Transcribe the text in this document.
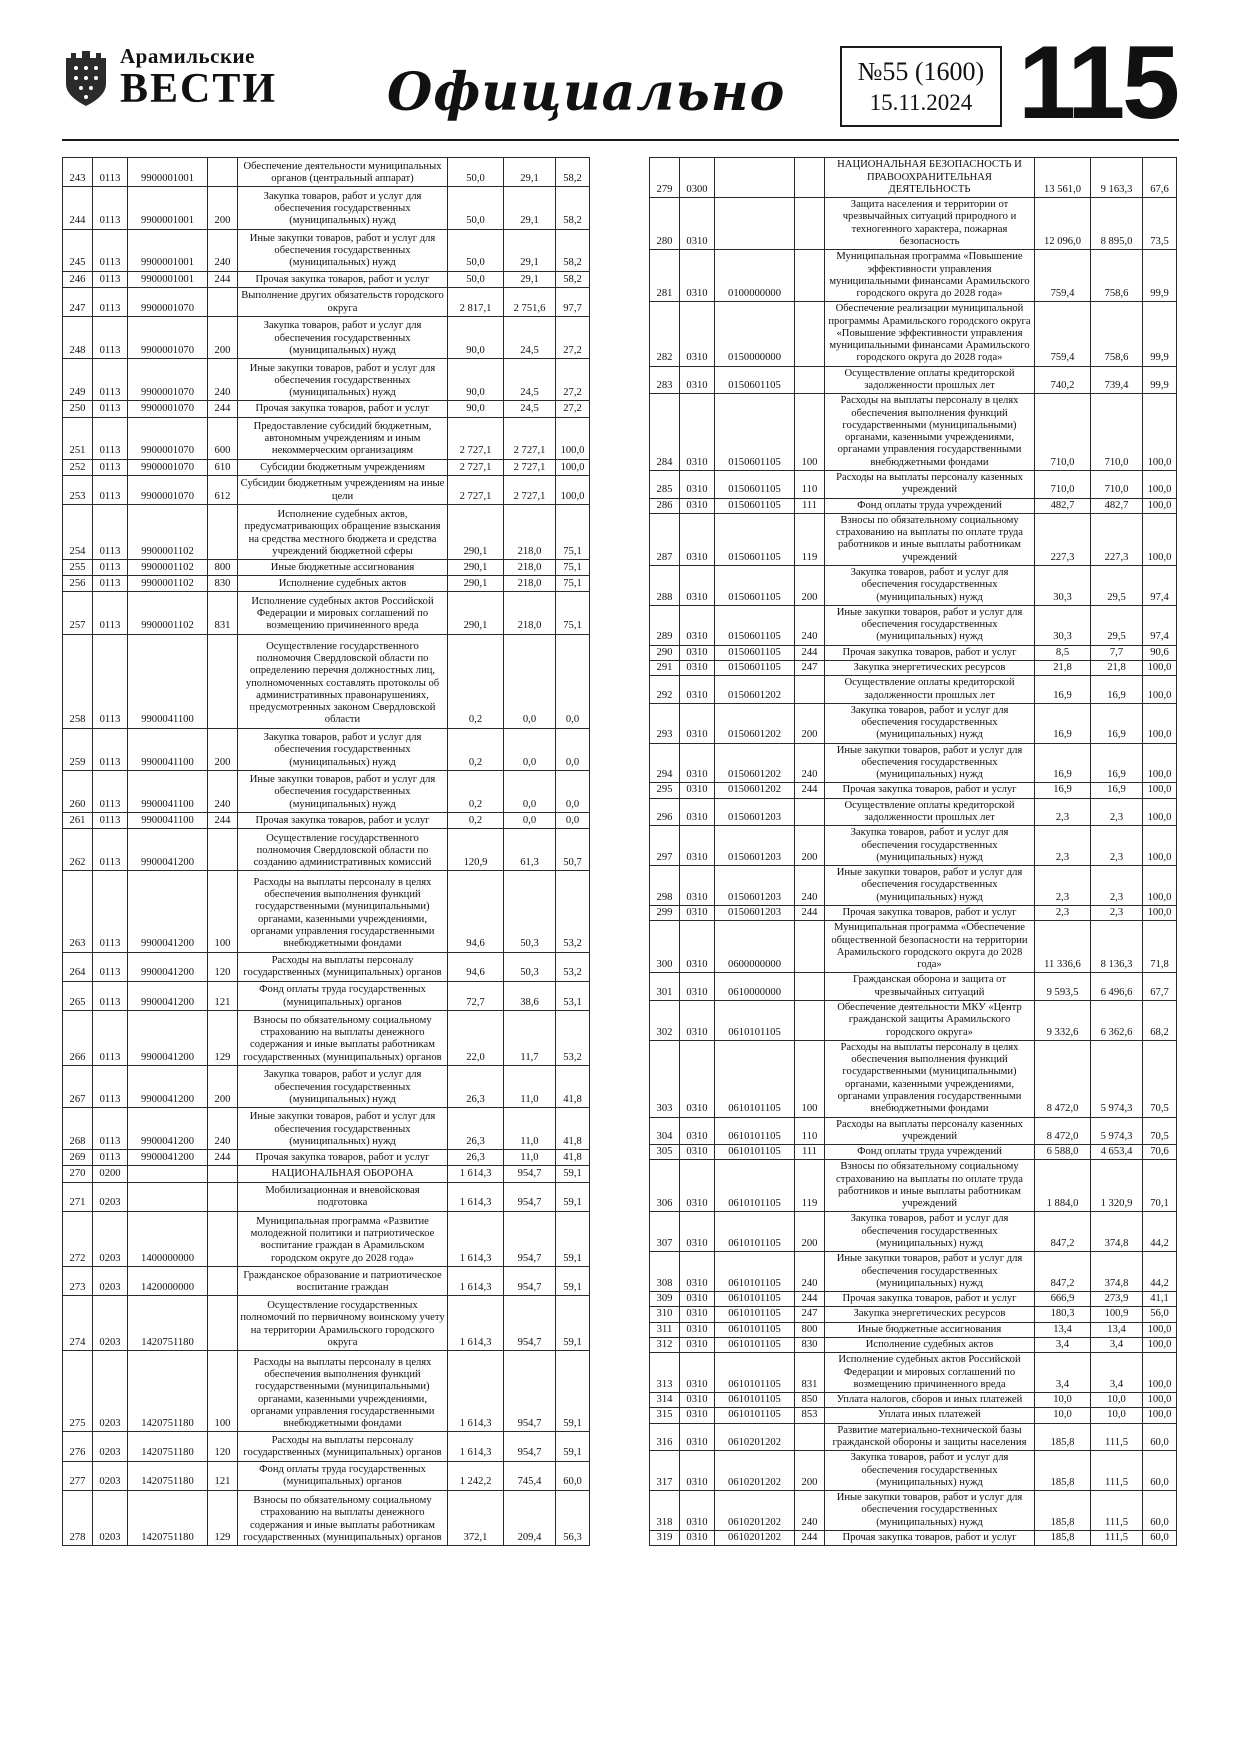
Арамильские
ВЕСТИ Официально	№55 (1600)
15.11.2024 115
243	0113	9900001001		Обеспечение деятельности муниципальных органов (центральный аппарат)	50,0	29,1	58,2
244	0113	9900001001	200	Закупка товаров, работ и услуг для обеспечения государственных (муниципальных) нужд	50,0	29,1	58,2
245	0113	9900001001	240	Иные закупки товаров, работ и услуг для обеспечения государственных (муниципальных) нужд	50,0	29,1	58,2
246	0113	9900001001	244	Прочая закупка товаров, работ и услуг	50,0	29,1	58,2
247	0113	9900001070		Выполнение других обязательств городского округа	2 817,1	2 751,6	97,7
248	0113	9900001070	200	Закупка товаров, работ и услуг для обеспечения государственных (муниципальных) нужд	90,0	24,5	27,2
249	0113	9900001070	240	Иные закупки товаров, работ и услуг для обеспечения государственных (муниципальных) нужд	90,0	24,5	27,2
250	0113	9900001070	244	Прочая закупка товаров, работ и услуг	90,0	24,5	27,2
251	0113	9900001070	600	Предоставление субсидий бюджетным, автономным учреждениям и иным некоммерческим организациям	2 727,1	2 727,1	100,0
252	0113	9900001070	610	Субсидии бюджетным учреждениям	2 727,1	2 727,1	100,0
253	0113	9900001070	612	Субсидии бюджетным учреждениям на иные цели	2 727,1	2 727,1	100,0
254	0113	9900001102		Исполнение судебных актов, предусматривающих обращение взыскания на средства местного бюджета и средства учреждений бюджетной сферы	290,1	218,0	75,1
255	0113	9900001102	800	Иные бюджетные ассигнования	290,1	218,0	75,1
256	0113	9900001102	830	Исполнение судебных актов	290,1	218,0	75,1
257	0113	9900001102	831	Исполнение судебных актов Российской Федерации и мировых соглашений по возмещению причиненного вреда	290,1	218,0	75,1
258	0113	9900041100		Осуществление государственного полномочия Свердловской области по определению перечня должностных лиц, уполномоченных составлять протоколы об административных правонарушениях, предусмотренных законом Свердловской области	0,2	0,0	0,0
259	0113	9900041100	200	Закупка товаров, работ и услуг для обеспечения государственных (муниципальных) нужд	0,2	0,0	0,0
260	0113	9900041100	240	Иные закупки товаров, работ и услуг для обеспечения государственных (муниципальных) нужд	0,2	0,0	0,0
261	0113	9900041100	244	Прочая закупка товаров, работ и услуг	0,2	0,0	0,0
262	0113	9900041200		Осуществление государственного полномочия Свердловской области по созданию административных комиссий	120,9	61,3	50,7
263	0113	9900041200	100	Расходы на выплаты персоналу в целях обеспечения выполнения функций государственными (муниципальными) органами, казенными учреждениями, органами управления государственными внебюджетными фондами	94,6	50,3	53,2
264	0113	9900041200	120	Расходы на выплаты персоналу государственных (муниципальных) органов	94,6	50,3	53,2
265	0113	9900041200	121	Фонд оплаты труда государственных (муниципальных) органов	72,7	38,6	53,1
266	0113	9900041200	129	Взносы по обязательному социальному страхованию на выплаты денежного содержания и иные выплаты работникам государственных (муниципальных) органов	22,0	11,7	53,2
267	0113	9900041200	200	Закупка товаров, работ и услуг для обеспечения государственных (муниципальных) нужд	26,3	11,0	41,8
268	0113	9900041200	240	Иные закупки товаров, работ и услуг для обеспечения государственных (муниципальных) нужд	26,3	11,0	41,8
269	0113	9900041200	244	Прочая закупка товаров, работ и услуг	26,3	11,0	41,8
270	0200			НАЦИОНАЛЬНАЯ ОБОРОНА	1 614,3	954,7	59,1
271	0203			Мобилизационная и вневойсковая подготовка	1 614,3	954,7	59,1
272	0203	1400000000		Муниципальная программа «Развитие молодежной политики и патриотическое воспитание граждан в Арамильском городском округе до 2028 года»	1 614,3	954,7	59,1
273	0203	1420000000		Гражданское образование и патриотическое воспитание граждан	1 614,3	954,7	59,1
274	0203	1420751180		Осуществление государственных полномочий по первичному воинскому учету на территории Арамильского городского округа	1 614,3	954,7	59,1
275	0203	1420751180	100	Расходы на выплаты персоналу в целях обеспечения выполнения функций государственными (муниципальными) органами, казенными учреждениями, органами управления государственными внебюджетными фондами	1 614,3	954,7	59,1
276	0203	1420751180	120	Расходы на выплаты персоналу государственных (муниципальных) органов	1 614,3	954,7	59,1
277	0203	1420751180	121	Фонд оплаты труда государственных (муниципальных) органов	1 242,2	745,4	60,0
278	0203	1420751180	129	Взносы по обязательному социальному страхованию на выплаты денежного содержания и иные выплаты работникам государственных (муниципальных) органов	372,1	209,4	56,3
279	0300			НАЦИОНАЛЬНАЯ БЕЗОПАСНОСТЬ И ПРАВООХРАНИТЕЛЬНАЯ ДЕЯТЕЛЬНОСТЬ	13 561,0	9 163,3	67,6
280	0310			Защита населения и территории от чрезвычайных ситуаций природного и техногенного характера, пожарная безопасность	12 096,0	8 895,0	73,5
281	0310	0100000000		Муниципальная программа «Повышение эффективности управления муниципальными финансами Арамильского городского округа до 2028 года»	759,4	758,6	99,9
282	0310	0150000000		Обеспечение реализации муниципальной программы Арамильского городского округа «Повышение эффективности управления муниципальными финансами Арамильского городского округа до 2028 года»	759,4	758,6	99,9
283	0310	0150601105		Осуществление оплаты кредиторской задолженности прошлых лет	740,2	739,4	99,9
284	0310	0150601105	100	Расходы на выплаты персоналу в целях обеспечения выполнения функций государственными (муниципальными) органами, казенными учреждениями, органами управления государственными внебюджетными фондами	710,0	710,0	100,0
285	0310	0150601105	110	Расходы на выплаты персоналу казенных учреждений	710,0	710,0	100,0
286	0310	0150601105	111	Фонд оплаты труда учреждений	482,7	482,7	100,0
287	0310	0150601105	119	Взносы по обязательному социальному страхованию на выплаты по оплате труда работников и иные выплаты работникам учреждений	227,3	227,3	100,0
288	0310	0150601105	200	Закупка товаров, работ и услуг для обеспечения государственных (муниципальных) нужд	30,3	29,5	97,4
289	0310	0150601105	240	Иные закупки товаров, работ и услуг для обеспечения государственных (муниципальных) нужд	30,3	29,5	97,4
290	0310	0150601105	244	Прочая закупка товаров, работ и услуг	8,5	7,7	90,6
291	0310	0150601105	247	Закупка энергетических ресурсов	21,8	21,8	100,0
292	0310	0150601202		Осуществление оплаты кредиторской задолженности прошлых лет	16,9	16,9	100,0
293	0310	0150601202	200	Закупка товаров, работ и услуг для обеспечения государственных (муниципальных) нужд	16,9	16,9	100,0
294	0310	0150601202	240	Иные закупки товаров, работ и услуг для обеспечения государственных (муниципальных) нужд	16,9	16,9	100,0
295	0310	0150601202	244	Прочая закупка товаров, работ и услуг	16,9	16,9	100,0
296	0310	0150601203		Осуществление оплаты кредиторской задолженности прошлых лет	2,3	2,3	100,0
297	0310	0150601203	200	Закупка товаров, работ и услуг для обеспечения государственных (муниципальных) нужд	2,3	2,3	100,0
298	0310	0150601203	240	Иные закупки товаров, работ и услуг для обеспечения государственных (муниципальных) нужд	2,3	2,3	100,0
299	0310	0150601203	244	Прочая закупка товаров, работ и услуг	2,3	2,3	100,0
300	0310	0600000000		Муниципальная программа «Обеспечение общественной безопасности на территории Арамильского городского округа до 2028 года»	11 336,6	8 136,3	71,8
301	0310	0610000000		Гражданская оборона и защита от чрезвычайных ситуаций	9 593,5	6 496,6	67,7
302	0310	0610101105		Обеспечение деятельности МКУ «Центр гражданской защиты Арамильского городского округа»	9 332,6	6 362,6	68,2
303	0310	0610101105	100	Расходы на выплаты персоналу в целях обеспечения выполнения функций государственными (муниципальными) органами, казенными учреждениями, органами управления государственными внебюджетными фондами	8 472,0	5 974,3	70,5
304	0310	0610101105	110	Расходы на выплаты персоналу казенных учреждений	8 472,0	5 974,3	70,5
305	0310	0610101105	111	Фонд оплаты труда учреждений	6 588,0	4 653,4	70,6
306	0310	0610101105	119	Взносы по обязательному социальному страхованию на выплаты по оплате труда работников и иные выплаты работникам учреждений	1 884,0	1 320,9	70,1
307	0310	0610101105	200	Закупка товаров, работ и услуг для обеспечения государственных (муниципальных) нужд	847,2	374,8	44,2
308	0310	0610101105	240	Иные закупки товаров, работ и услуг для обеспечения государственных (муниципальных) нужд	847,2	374,8	44,2
309	0310	0610101105	244	Прочая закупка товаров, работ и услуг	666,9	273,9	41,1
310	0310	0610101105	247	Закупка энергетических ресурсов	180,3	100,9	56,0
311	0310	0610101105	800	Иные бюджетные ассигнования	13,4	13,4	100,0
312	0310	0610101105	830	Исполнение судебных актов	3,4	3,4	100,0
313	0310	0610101105	831	Исполнение судебных актов Российской Федерации и мировых соглашений по возмещению причиненного вреда	3,4	3,4	100,0
314	0310	0610101105	850	Уплата налогов, сборов и иных платежей	10,0	10,0	100,0
315	0310	0610101105	853	Уплата иных платежей	10,0	10,0	100,0
316	0310	0610201202		Развитие материально-технической базы гражданской обороны и защиты населения	185,8	111,5	60,0
317	0310	0610201202	200	Закупка товаров, работ и услуг для обеспечения государственных (муниципальных) нужд	185,8	111,5	60,0
318	0310	0610201202	240	Иные закупки товаров, работ и услуг для обеспечения государственных (муниципальных) нужд	185,8	111,5	60,0
319	0310	0610201202	244	Прочая закупка товаров, работ и услуг	185,8	111,5	60,0
